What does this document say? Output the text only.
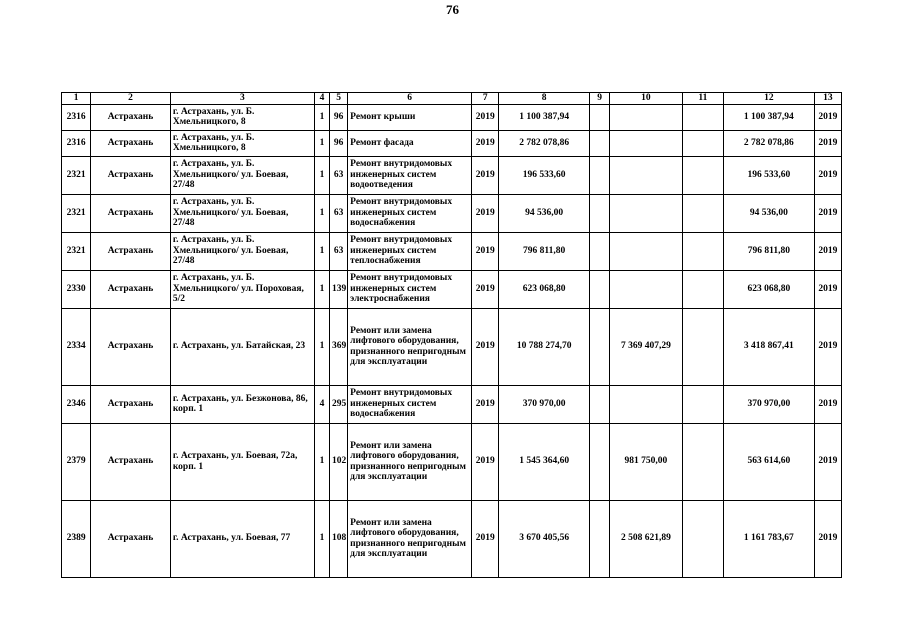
76
1	2	3	4	5	6	7	8	9	10	11	12	13
2316	Астрахань	г. Астрахань, ул. Б. Хмельницкого, 8	1	96	Ремонт крыши	2019	1 100 387,94				1 100 387,94	2019
2316	Астрахань	г. Астрахань, ул. Б. Хмельницкого, 8	1	96	Ремонт фасада	2019	2 782 078,86				2 782 078,86	2019
2321	Астрахань	г. Астрахань, ул. Б. Хмельницкого/ ул. Боевая, 27/48	1	63	Ремонт внутридомовых инженерных систем водоотведения	2019	196 533,60				196 533,60	2019
2321	Астрахань	г. Астрахань, ул. Б. Хмельницкого/ ул. Боевая, 27/48	1	63	Ремонт внутридомовых инженерных систем водоснабжения	2019	94 536,00				94 536,00	2019
2321	Астрахань	г. Астрахань, ул. Б. Хмельницкого/ ул. Боевая, 27/48	1	63	Ремонт внутридомовых инженерных систем теплоснабжения	2019	796 811,80				796 811,80	2019
2330	Астрахань	г. Астрахань, ул. Б. Хмельницкого/ ул. Пороховая, 5/2	1	139	Ремонт внутридомовых инженерных систем электроснабжения	2019	623 068,80				623 068,80	2019
2334	Астрахань	г. Астрахань, ул. Батайская, 23	1	369	Ремонт или замена лифтового оборудования, признанного непригодным для эксплуатации	2019	10 788 274,70		7 369 407,29		3 418 867,41	2019
2346	Астрахань	г. Астрахань, ул. Безжонова, 86, корп. 1	4	295	Ремонт внутридомовых инженерных систем водоснабжения	2019	370 970,00				370 970,00	2019
2379	Астрахань	г. Астрахань, ул. Боевая, 72а, корп. 1	1	102	Ремонт или замена лифтового оборудования, признанного непригодным для эксплуатации	2019	1 545 364,60		981 750,00		563 614,60	2019
2389	Астрахань	г. Астрахань, ул. Боевая, 77	1	108	Ремонт или замена лифтового оборудования, признанного непригодным для эксплуатации	2019	3 670 405,56		2 508 621,89		1 161 783,67	2019
